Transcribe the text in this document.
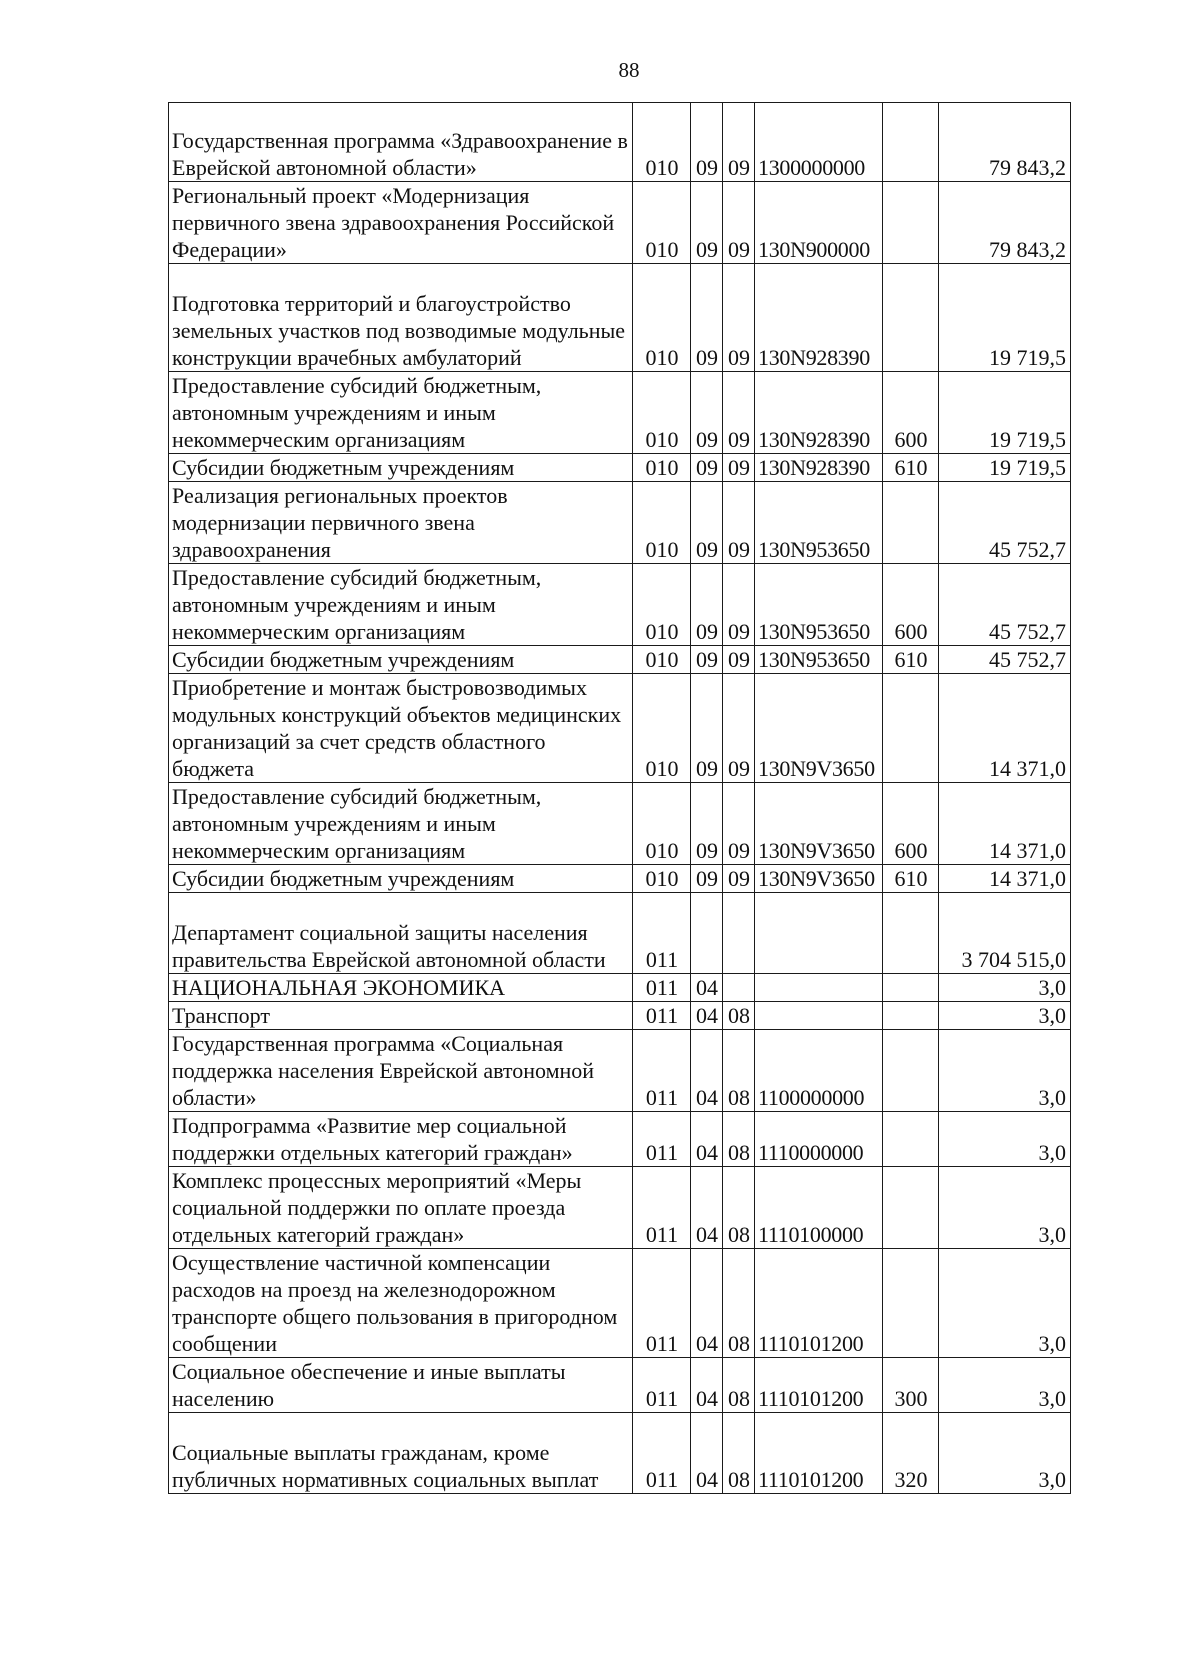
88
Государственная программа «Здравоохранение в Еврейской автономной области»	010	09	09	1300000000		79 843,2
Региональный проект «Модернизация первичного звена здравоохранения Российской Федерации»	010	09	09	130N900000		79 843,2
Подготовка территорий и благоустройство земельных участков под возводимые модульные конструкции врачебных амбулаторий	010	09	09	130N928390		19 719,5
Предоставление субсидий бюджетным, автономным учреждениям и иным некоммерческим организациям	010	09	09	130N928390	600	19 719,5
Субсидии бюджетным учреждениям	010	09	09	130N928390	610	19 719,5
Реализация региональных проектов модернизации первичного звена здравоохранения	010	09	09	130N953650		45 752,7
Предоставление субсидий бюджетным, автономным учреждениям и иным некоммерческим организациям	010	09	09	130N953650	600	45 752,7
Субсидии бюджетным учреждениям	010	09	09	130N953650	610	45 752,7
Приобретение и монтаж быстровозводимых модульных конструкций объектов медицинских организаций за счет средств областного бюджета	010	09	09	130N9V3650		14 371,0
Предоставление субсидий бюджетным, автономным учреждениям и иным некоммерческим организациям	010	09	09	130N9V3650	600	14 371,0
Субсидии бюджетным учреждениям	010	09	09	130N9V3650	610	14 371,0
Департамент социальной защиты населения правительства Еврейской автономной области	011					3 704 515,0
НАЦИОНАЛЬНАЯ ЭКОНОМИКА	011	04				3,0
Транспорт	011	04	08			3,0
Государственная программа «Социальная поддержка населения Еврейской автономной области»	011	04	08	1100000000		3,0
Подпрограмма «Развитие мер социальной поддержки отдельных категорий граждан»	011	04	08	1110000000		3,0
Комплекс процессных мероприятий «Меры социальной поддержки по оплате проезда отдельных категорий граждан»	011	04	08	1110100000		3,0
Осуществление частичной компенсации расходов на проезд на железнодорожном транспорте общего пользования в пригородном сообщении	011	04	08	1110101200		3,0
Социальное обеспечение и иные выплаты населению	011	04	08	1110101200	300	3,0
Социальные выплаты гражданам, кроме публичных нормативных социальных выплат	011	04	08	1110101200	320	3,0
